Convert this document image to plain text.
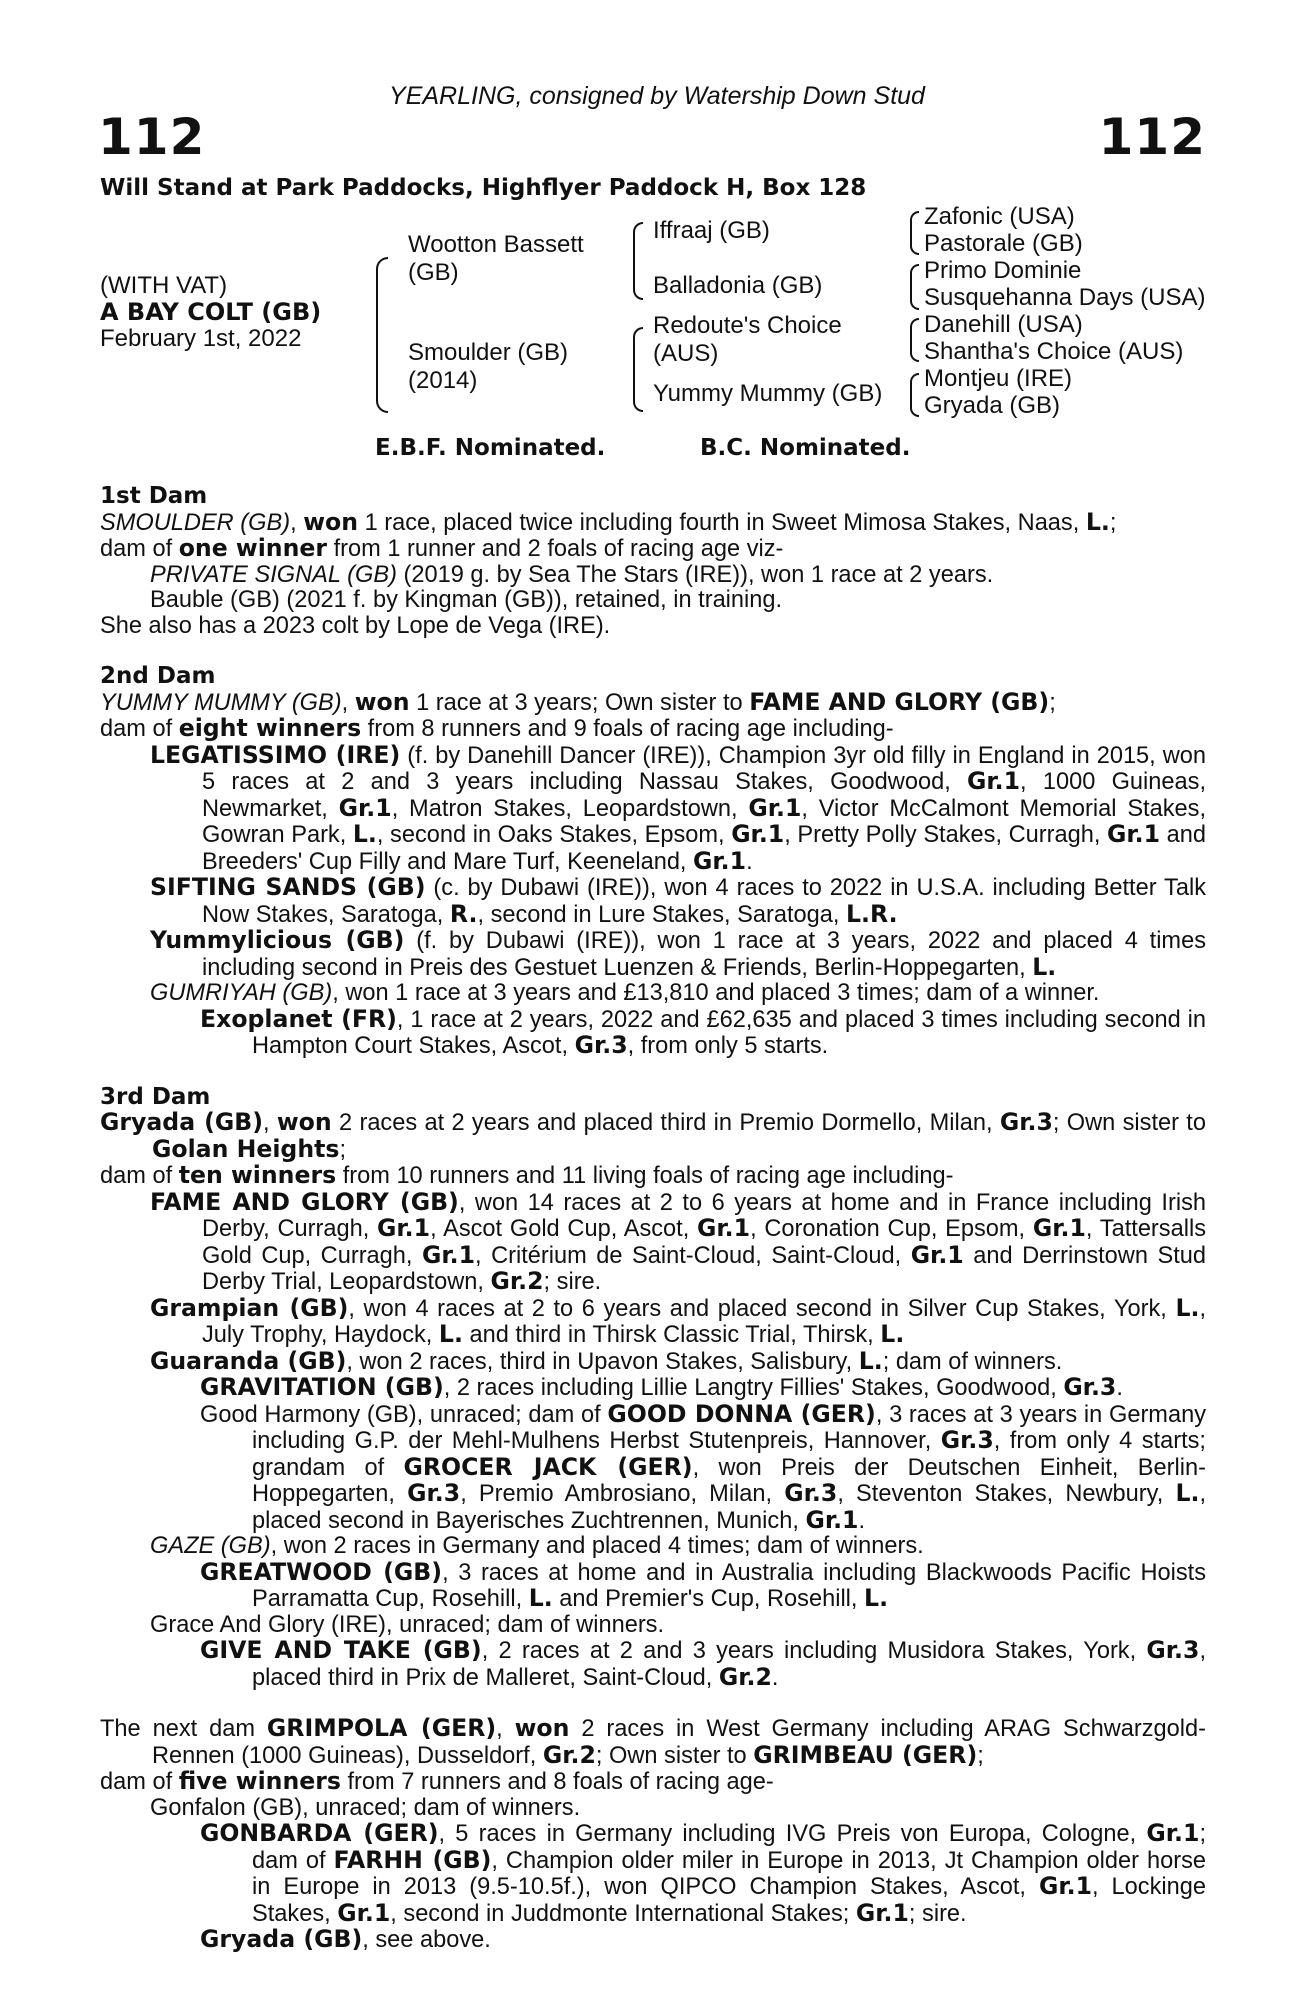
YEARLING, consigned by Watership Down Stud
112	112
Will Stand at Park Paddocks, Highflyer Paddock H, Box 128
(WITH VAT)
A BAY COLT (GB)
February 1st, 2022
Wootton Bassett
(GB)
Smoulder (GB)
(2014)
Iffraaj (GB)
Balladonia (GB)
Redoute's Choice
(AUS)
Yummy Mummy (GB)
Zafonic (USA)
Pastorale (GB)
Primo Dominie
Susquehanna Days (USA)
Danehill (USA)
Shantha's Choice (AUS)
Montjeu (IRE)
Gryada (GB)
E.B.F. Nominated.	B.C. Nominated.
1st Dam
SMOULDER (GB), won 1 race, placed twice including fourth in Sweet Mimosa Stakes, Naas, L.;
dam of one winner from 1 runner and 2 foals of racing age viz-
PRIVATE SIGNAL (GB) (2019 g. by Sea The Stars (IRE)), won 1 race at 2 years.
Bauble (GB) (2021 f. by Kingman (GB)), retained, in training.
She also has a 2023 colt by Lope de Vega (IRE).
2nd Dam
YUMMY MUMMY (GB), won 1 race at 3 years; Own sister to FAME AND GLORY (GB);
dam of eight winners from 8 runners and 9 foals of racing age including-
LEGATISSIMO (IRE) (f. by Danehill Dancer (IRE)), Champion 3yr old filly in England in 2015, won 5 races at 2 and 3 years including Nassau Stakes, Goodwood, Gr.1, 1000 Guineas, Newmarket, Gr.1, Matron Stakes, Leopardstown, Gr.1, Victor McCalmont Memorial Stakes, Gowran Park, L., second in Oaks Stakes, Epsom, Gr.1, Pretty Polly Stakes, Curragh, Gr.1 and Breeders' Cup Filly and Mare Turf, Keeneland, Gr.1.
SIFTING SANDS (GB) (c. by Dubawi (IRE)), won 4 races to 2022 in U.S.A. including Better Talk Now Stakes, Saratoga, R., second in Lure Stakes, Saratoga, L.R.
Yummylicious (GB) (f. by Dubawi (IRE)), won 1 race at 3 years, 2022 and placed 4 times including second in Preis des Gestuet Luenzen & Friends, Berlin-Hoppegarten, L.
GUMRIYAH (GB), won 1 race at 3 years and £13,810 and placed 3 times; dam of a winner.
Exoplanet (FR), 1 race at 2 years, 2022 and £62,635 and placed 3 times including second in Hampton Court Stakes, Ascot, Gr.3, from only 5 starts.
3rd Dam
Gryada (GB), won 2 races at 2 years and placed third in Premio Dormello, Milan, Gr.3; Own sister to Golan Heights;
dam of ten winners from 10 runners and 11 living foals of racing age including-
FAME AND GLORY (GB), won 14 races at 2 to 6 years at home and in France including Irish Derby, Curragh, Gr.1, Ascot Gold Cup, Ascot, Gr.1, Coronation Cup, Epsom, Gr.1, Tattersalls Gold Cup, Curragh, Gr.1, Critérium de Saint-Cloud, Saint-Cloud, Gr.1 and Derrinstown Stud Derby Trial, Leopardstown, Gr.2; sire.
Grampian (GB), won 4 races at 2 to 6 years and placed second in Silver Cup Stakes, York, L., July Trophy, Haydock, L. and third in Thirsk Classic Trial, Thirsk, L.
Guaranda (GB), won 2 races, third in Upavon Stakes, Salisbury, L.; dam of winners.
GRAVITATION (GB), 2 races including Lillie Langtry Fillies' Stakes, Goodwood, Gr.3.
Good Harmony (GB), unraced; dam of GOOD DONNA (GER), 3 races at 3 years in Germany including G.P. der Mehl-Mulhens Herbst Stutenpreis, Hannover, Gr.3, from only 4 starts; grandam of GROCER JACK (GER), won Preis der Deutschen Einheit, Berlin-Hoppegarten, Gr.3, Premio Ambrosiano, Milan, Gr.3, Steventon Stakes, Newbury, L., placed second in Bayerisches Zuchtrennen, Munich, Gr.1.
GAZE (GB), won 2 races in Germany and placed 4 times; dam of winners.
GREATWOOD (GB), 3 races at home and in Australia including Blackwoods Pacific Hoists Parramatta Cup, Rosehill, L. and Premier's Cup, Rosehill, L.
Grace And Glory (IRE), unraced; dam of winners.
GIVE AND TAKE (GB), 2 races at 2 and 3 years including Musidora Stakes, York, Gr.3, placed third in Prix de Malleret, Saint-Cloud, Gr.2.
The next dam GRIMPOLA (GER), won 2 races in West Germany including ARAG Schwarzgold-Rennen (1000 Guineas), Dusseldorf, Gr.2; Own sister to GRIMBEAU (GER);
dam of five winners from 7 runners and 8 foals of racing age-
Gonfalon (GB), unraced; dam of winners.
GONBARDA (GER), 5 races in Germany including IVG Preis von Europa, Cologne, Gr.1; dam of FARHH (GB), Champion older miler in Europe in 2013, Jt Champion older horse in Europe in 2013 (9.5-10.5f.), won QIPCO Champion Stakes, Ascot, Gr.1, Lockinge Stakes, Gr.1, second in Juddmonte International Stakes; Gr.1; sire.
Gryada (GB), see above.
